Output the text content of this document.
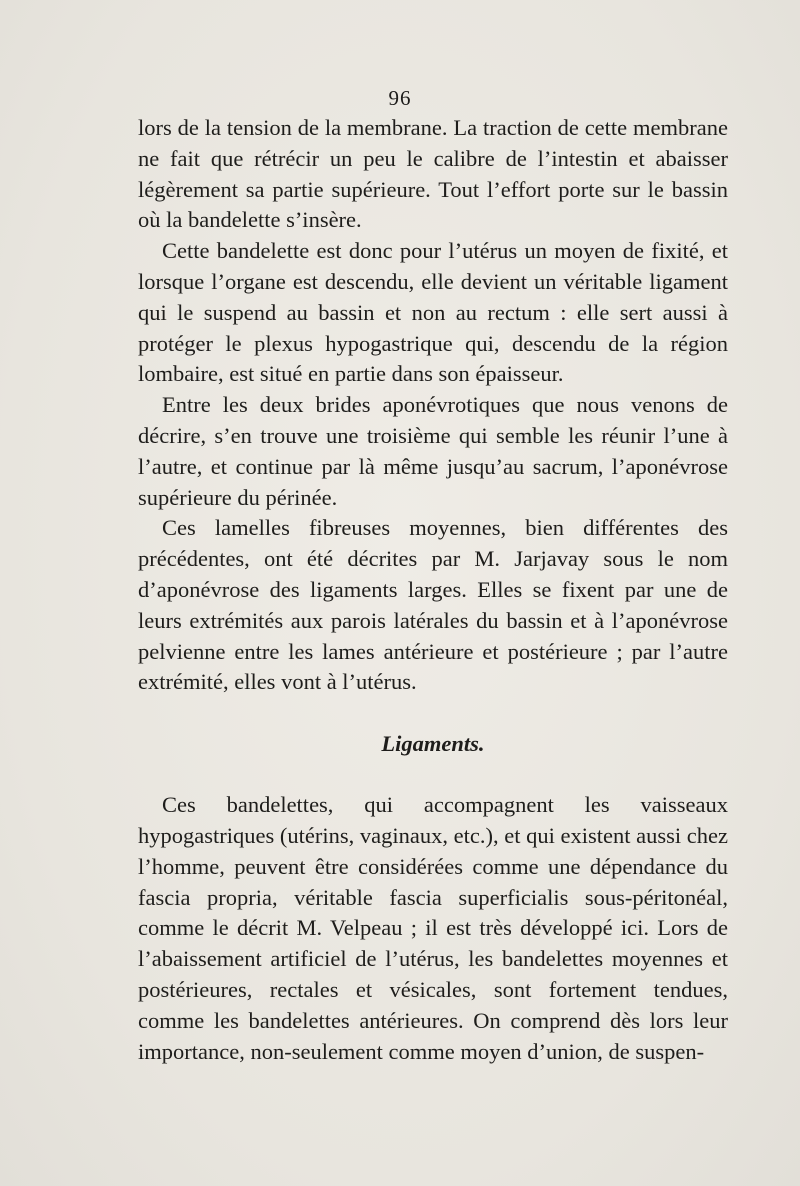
96

lors de la tension de la membrane. La traction de cette membrane ne fait que rétrécir un peu le calibre de l’intestin et abaisser légèrement sa partie supérieure. Tout l’effort porte sur le bassin où la bandelette s’insère.

Cette bandelette est donc pour l’utérus un moyen de fixité, et lorsque l’organe est descendu, elle devient un véritable ligament qui le suspend au bassin et non au rectum : elle sert aussi à protéger le plexus hypogastrique qui, descendu de la région lombaire, est situé en partie dans son épaisseur.

Entre les deux brides aponévrotiques que nous venons de décrire, s’en trouve une troisième qui semble les réunir l’une à l’autre, et continue par là même jusqu’au sacrum, l’aponévrose supérieure du périnée.

Ces lamelles fibreuses moyennes, bien différentes des précédentes, ont été décrites par M. Jarjavay sous le nom d’aponévrose des ligaments larges. Elles se fixent par une de leurs extrémités aux parois latérales du bassin et à l’aponévrose pelvienne entre les lames antérieure et postérieure ; par l’autre extrémité, elles vont à l’utérus.

Ligaments.

Ces bandelettes, qui accompagnent les vaisseaux hypogastriques (utérins, vaginaux, etc.), et qui existent aussi chez l’homme, peuvent être considérées comme une dépendance du fascia propria, véritable fascia superficialis sous-péritonéal, comme le décrit M. Velpeau ; il est très développé ici. Lors de l’abaissement artificiel de l’utérus, les bandelettes moyennes et postérieures, rectales et vésicales, sont fortement tendues, comme les bandelettes antérieures. On comprend dès lors leur importance, non-seulement comme moyen d’union, de suspen-
